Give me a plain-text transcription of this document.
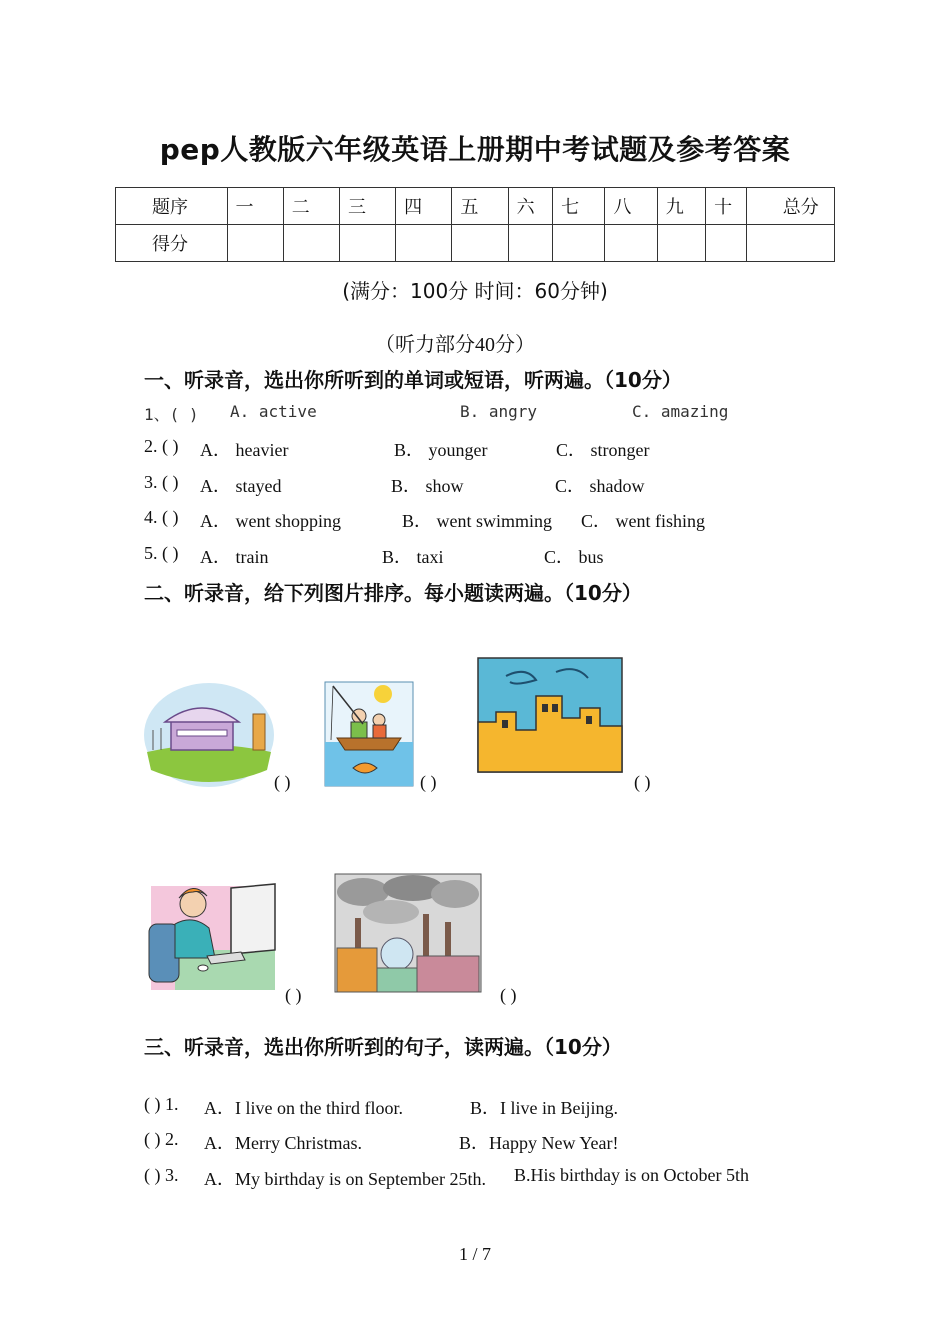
pep人教版六年级英语上册期中考试题及参考答案
题序	一	二	三	四	五	六	七	八	九	十	总分
得分											
(满分：100分 时间：60分钟)
（听力部分40分）
一、听录音，选出你所听到的单词或短语，听两遍。（10分）
1、( ) A. active	B. angry	C. amazing
2. ( ) A． heavier	B． younger	C． stronger
3. ( ) A． stayed	B． show	C． shadow
4. ( ) A． went shopping	B． went swimming C． went fishing
5. ( ) A． train	B． taxi	C． bus
二、听录音，给下列图片排序。每小题读两遍。（10分）
( )	( )	( )
( )	( )
三、听录音，选出你所听到的句子，读两遍。（10分）
( ) 1. A．I live on the third floor.	B．I live in Beijing.
( ) 2. A．Merry Christmas.	B．Happy New Year!
( ) 3. A．My birthday is on September 25th. B.His birthday is on October 5th
1 / 7
